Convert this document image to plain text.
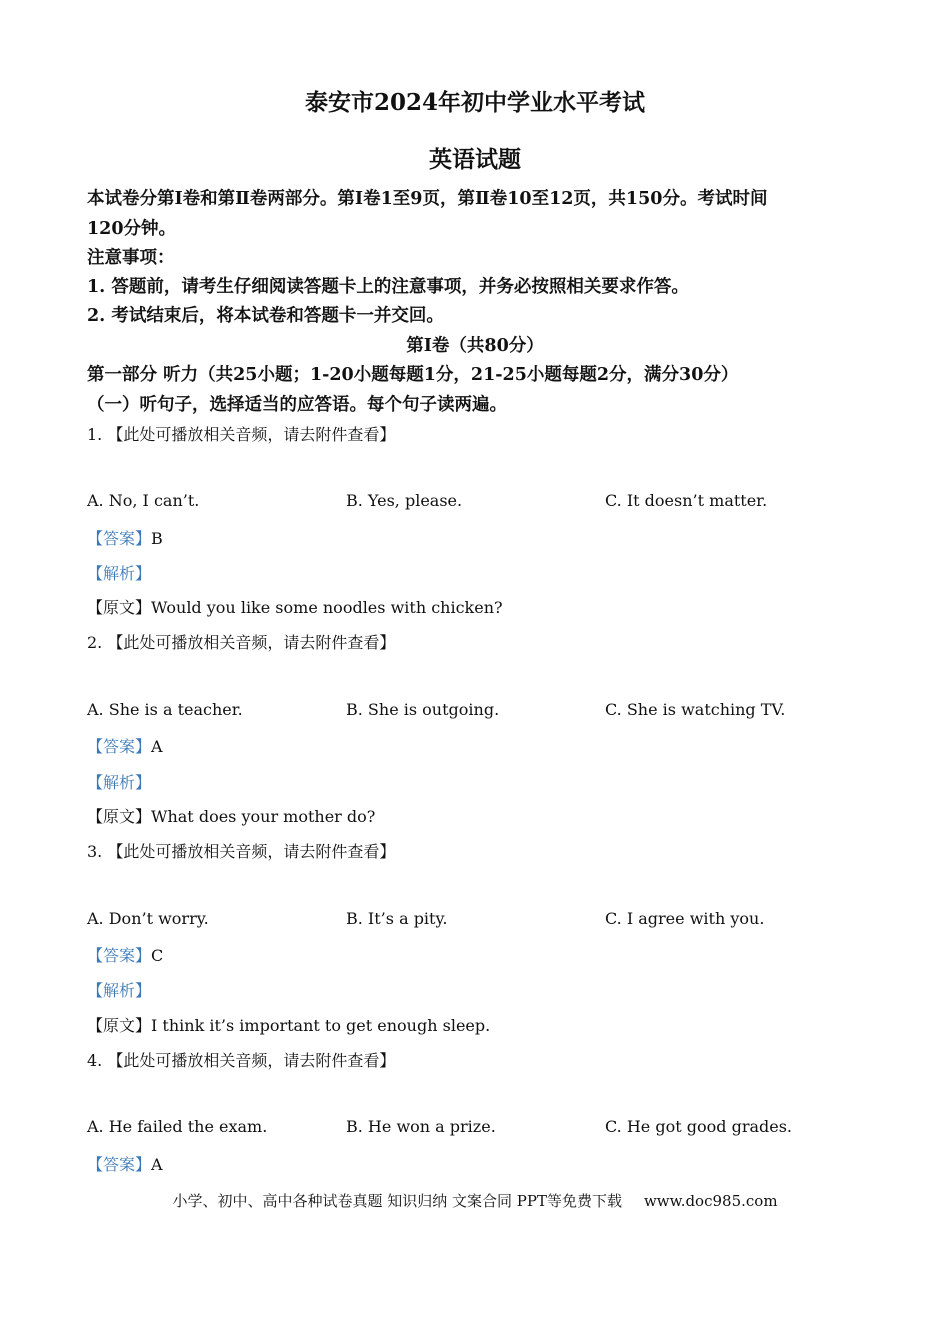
泰安市2024年初中学业水平考试
英语试题
本试卷分第Ⅰ卷和第Ⅱ卷两部分。第Ⅰ卷1至9页，第Ⅱ卷10至12页，共150分。考试时间
120分钟。
注意事项：
1. 答题前，请考生仔细阅读答题卡上的注意事项，并务必按照相关要求作答。
2. 考试结束后，将本试卷和答题卡一并交回。
第Ⅰ卷（共80分）
第一部分 听力（共25小题；1-20小题每题1分，21-25小题每题2分，满分30分）
（一）听句子，选择适当的应答语。每个句子读两遍。
1. 【此处可播放相关音频，请去附件查看】
A. No, I can’t.	B. Yes, please.	C. It doesn’t matter.
【答案】B
【解析】
【原文】Would you like some noodles with chicken?
2. 【此处可播放相关音频，请去附件查看】
A. She is a teacher.	B. She is outgoing.	C. She is watching TV.
【答案】A
【解析】
【原文】What does your mother do?
3. 【此处可播放相关音频，请去附件查看】
A. Don’t worry.	B. It’s a pity.	C. I agree with you.
【答案】C
【解析】
【原文】I think it’s important to get enough sleep.
4. 【此处可播放相关音频，请去附件查看】
A. He failed the exam.	B. He won a prize.	C. He got good grades.
【答案】A
小学、初中、高中各种试卷真题 知识归纳 文案合同 PPT等免费下载 www.doc985.com
